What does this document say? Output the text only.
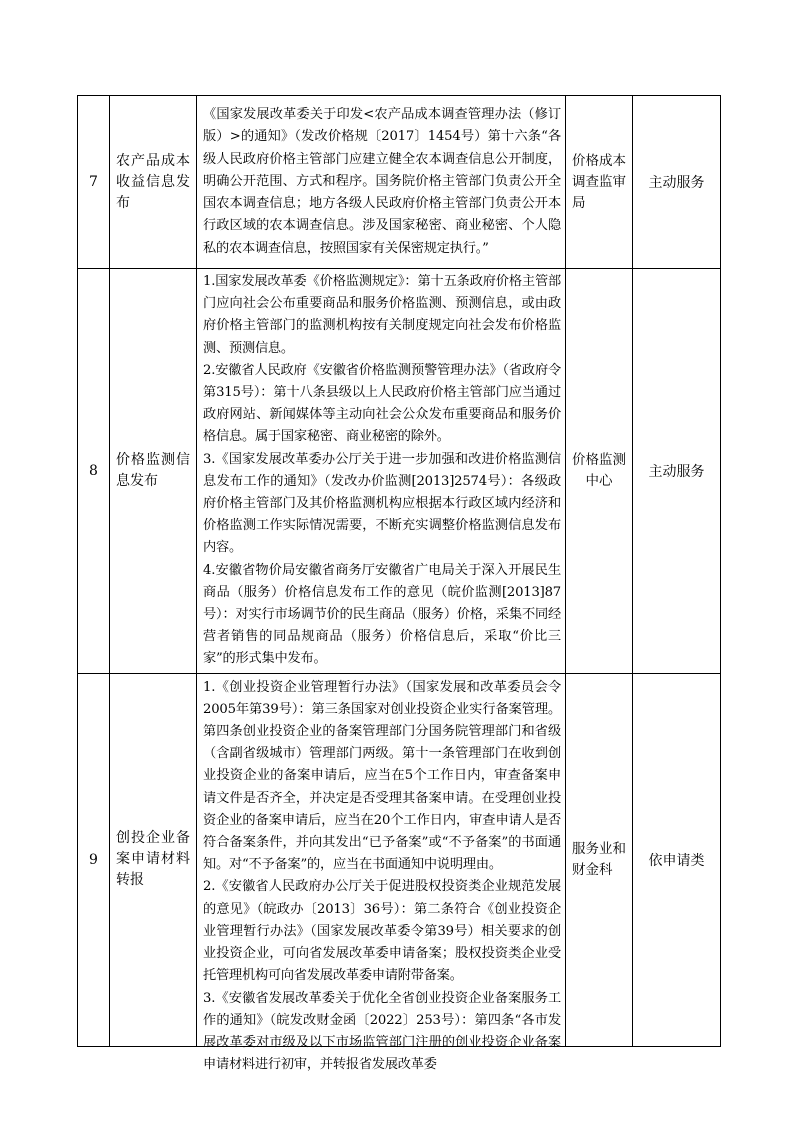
7	农产品成本收益信息发布	《国家发展改革委关于印发<农产品成本调查管理办法（修订版）>的通知》（发改价格规〔2017〕1454号）第十六条“各级人民政府价格主管部门应建立健全农本调查信息公开制度，明确公开范围、方式和程序。国务院价格主管部门负责公开全国农本调查信息；地方各级人民政府价格主管部门负责公开本行政区域的农本调查信息。涉及国家秘密、商业秘密、个人隐私的农本调查信息，按照国家有关保密规定执行。”	价格成本调查监审局	主动服务
8	价格监测信息发布	1.国家发展改革委《价格监测规定》：第十五条政府价格主管部门应向社会公布重要商品和服务价格监测、预测信息，或由政府价格主管部门的监测机构按有关制度规定向社会发布价格监测、预测信息。

2.安徽省人民政府《安徽省价格监测预警管理办法》（省政府令第315号）：第十八条县级以上人民政府价格主管部门应当通过政府网站、新闻媒体等主动向社会公众发布重要商品和服务价格信息。属于国家秘密、商业秘密的除外。

3.《国家发展改革委办公厅关于进一步加强和改进价格监测信息发布工作的通知》（发改办价监测[2013]2574号）：各级政府价格主管部门及其价格监测机构应根据本行政区域内经济和价格监测工作实际情况需要，不断充实调整价格监测信息发布内容。

4.安徽省物价局安徽省商务厅安徽省广电局关于深入开展民生商品（服务）价格信息发布工作的意见（皖价监测[2013]87号）：对实行市场调节价的民生商品（服务）价格，采集不同经营者销售的同品规商品（服务）价格信息后，采取“价比三家”的形式集中发布。	价格监测中心	主动服务
9	创投企业备案申请材料转报	1.《创业投资企业管理暂行办法》（国家发展和改革委员会令2005年第39号）：第三条国家对创业投资企业实行备案管理。第四条创业投资企业的备案管理部门分国务院管理部门和省级（含副省级城市）管理部门两级。第十一条管理部门在收到创业投资企业的备案申请后，应当在5个工作日内，审查备案申请文件是否齐全，并决定是否受理其备案申请。在受理创业投资企业的备案申请后，应当在20个工作日内，审查申请人是否符合备案条件，并向其发出“已予备案”或“不予备案”的书面通知。对“不予备案”的，应当在书面通知中说明理由。

2.《安徽省人民政府办公厅关于促进股权投资类企业规范发展的意见》（皖政办〔2013〕36号）：第二条符合《创业投资企业管理暂行办法》（国家发展改革委令第39号）相关要求的创业投资企业，可向省发展改革委申请备案；股权投资类企业受托管理机构可向省发展改革委申请附带备案。

3.《安徽省发展改革委关于优化全省创业投资企业备案服务工作的通知》（皖发改财金函〔2022〕253号）：第四条“各市发展改革委对市级及以下市场监管部门注册的创业投资企业备案申请材料进行初审，并转报省发展改革委	服务业和财金科	依申请类
